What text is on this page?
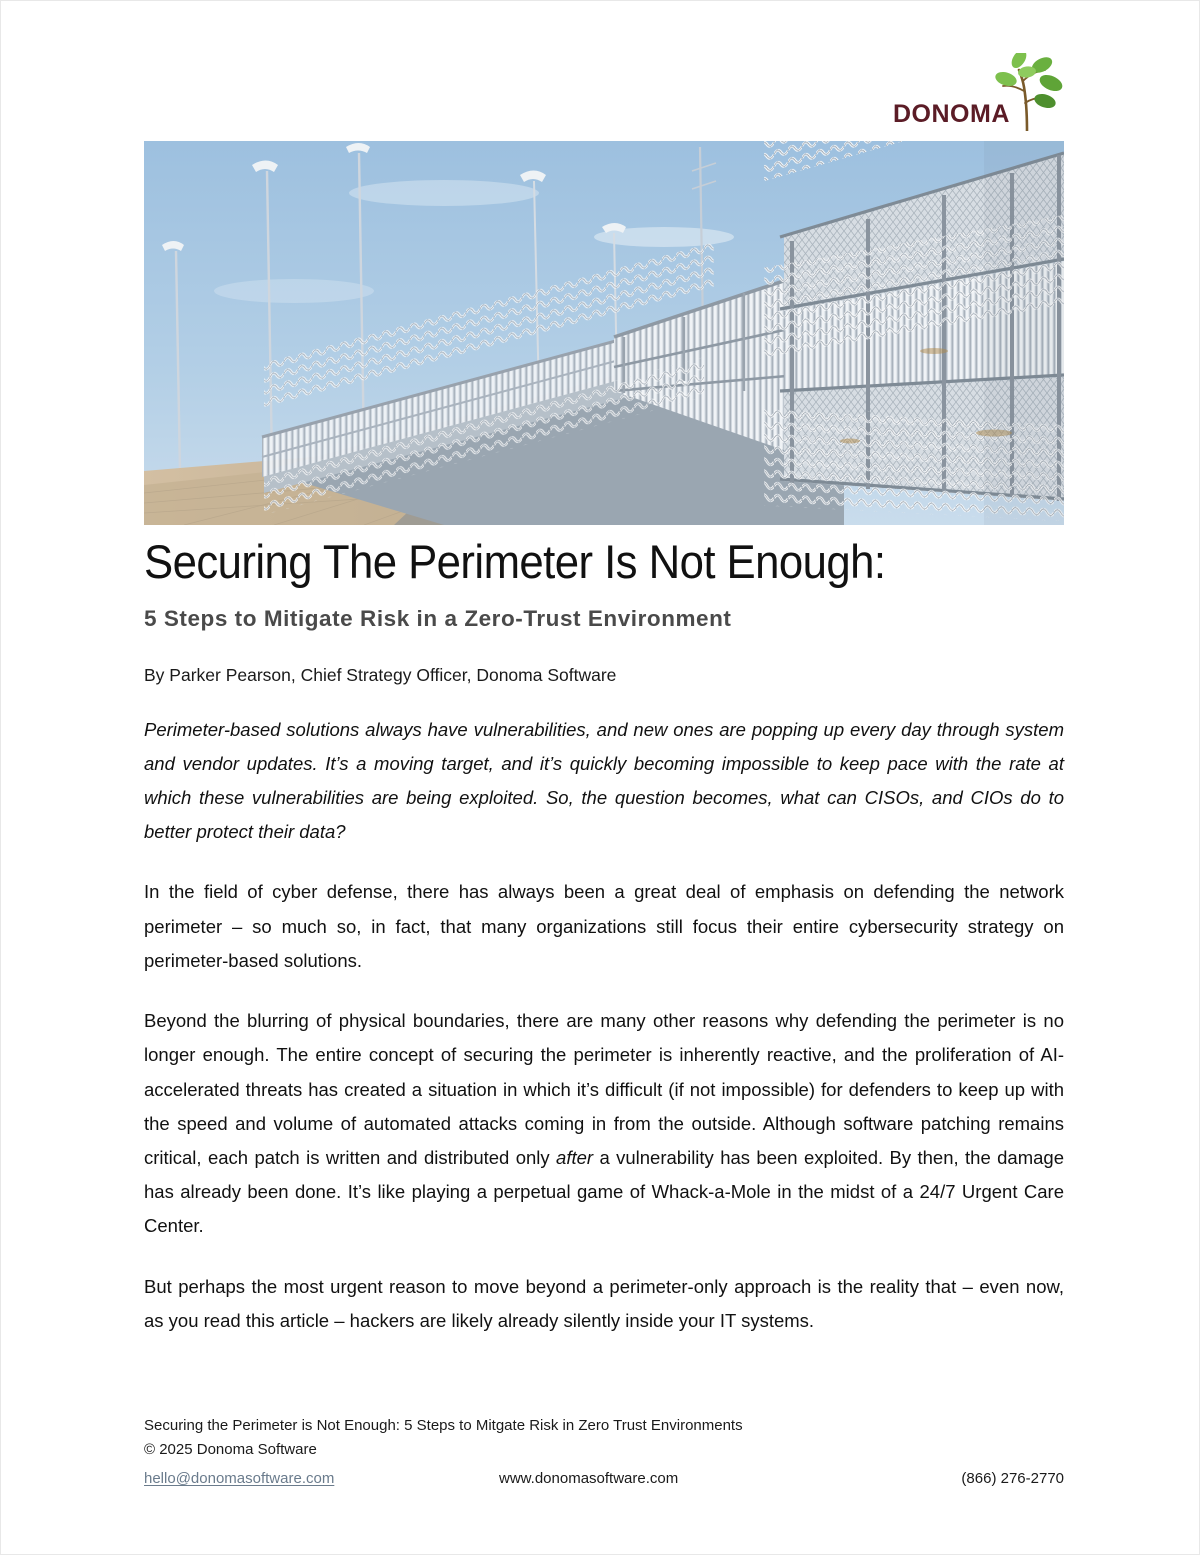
DONOMA
Securing The Perimeter Is Not Enough:
5 Steps to Mitigate Risk in a Zero-Trust Environment

By Parker Pearson, Chief Strategy Officer, Donoma Software

Perimeter-based solutions always have vulnerabilities, and new ones are popping up every day through system and vendor updates. It’s a moving target, and it’s quickly becoming impossible to keep pace with the rate at which these vulnerabilities are being exploited. So, the question becomes, what can CISOs, and CIOs do to better protect their data?

In the field of cyber defense, there has always been a great deal of emphasis on defending the network perimeter – so much so, in fact, that many organizations still focus their entire cybersecurity strategy on perimeter-based solutions.

Beyond the blurring of physical boundaries, there are many other reasons why defending the perimeter is no longer enough. The entire concept of securing the perimeter is inherently reactive, and the proliferation of AI-accelerated threats has created a situation in which it’s difficult (if not impossible) for defenders to keep up with the speed and volume of automated attacks coming in from the outside. Although software patching remains critical, each patch is written and distributed only after a vulnerability has been exploited. By then, the damage has already been done. It’s like playing a perpetual game of Whack-a-Mole in the midst of a 24/7 Urgent Care Center.

But perhaps the most urgent reason to move beyond a perimeter-only approach is the reality that – even now, as you read this article – hackers are likely already silently inside your IT systems.

Securing the Perimeter is Not Enough: 5 Steps to Mitgate Risk in Zero Trust Environments
© 2025 Donoma Software
hello@donomasoftware.com	www.donomasoftware.com	(866) 276-2770
